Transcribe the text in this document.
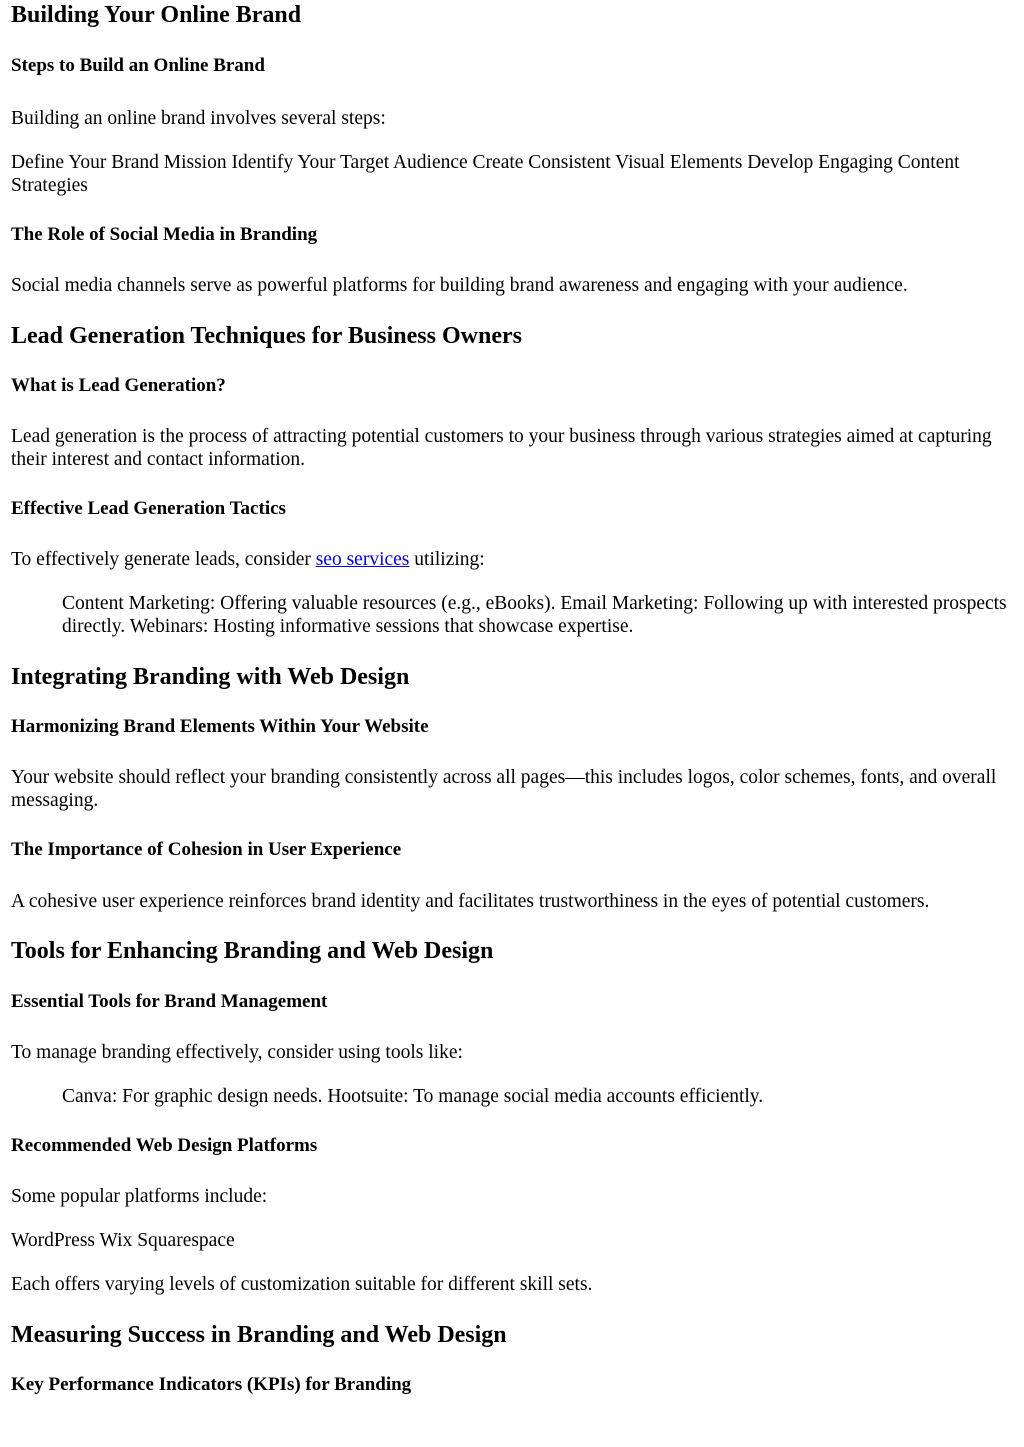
Building Your Online Brand
Steps to Build an Online Brand

Building an online brand involves several steps:

Define Your Brand Mission Identify Your Target Audience Create Consistent Visual Elements Develop Engaging Content Strategies

The Role of Social Media in Branding

Social media channels serve as powerful platforms for building brand awareness and engaging with your audience.

Lead Generation Techniques for Business Owners
What is Lead Generation?

Lead generation is the process of attracting potential customers to your business through various strategies aimed at capturing their interest and contact information.

Effective Lead Generation Tactics

To effectively generate leads, consider seo services utilizing:

Content Marketing: Offering valuable resources (e.g., eBooks). Email Marketing: Following up with interested prospects directly. Webinars: Hosting informative sessions that showcase expertise.

Integrating Branding with Web Design
Harmonizing Brand Elements Within Your Website

Your website should reflect your branding consistently across all pages—this includes logos, color schemes, fonts, and overall messaging.

The Importance of Cohesion in User Experience

A cohesive user experience reinforces brand identity and facilitates trustworthiness in the eyes of potential customers.

Tools for Enhancing Branding and Web Design
Essential Tools for Brand Management

To manage branding effectively, consider using tools like:

Canva: For graphic design needs. Hootsuite: To manage social media accounts efficiently.

Recommended Web Design Platforms

Some popular platforms include:

WordPress Wix Squarespace

Each offers varying levels of customization suitable for different skill sets.

Measuring Success in Branding and Web Design
Key Performance Indicators (KPIs) for Branding
